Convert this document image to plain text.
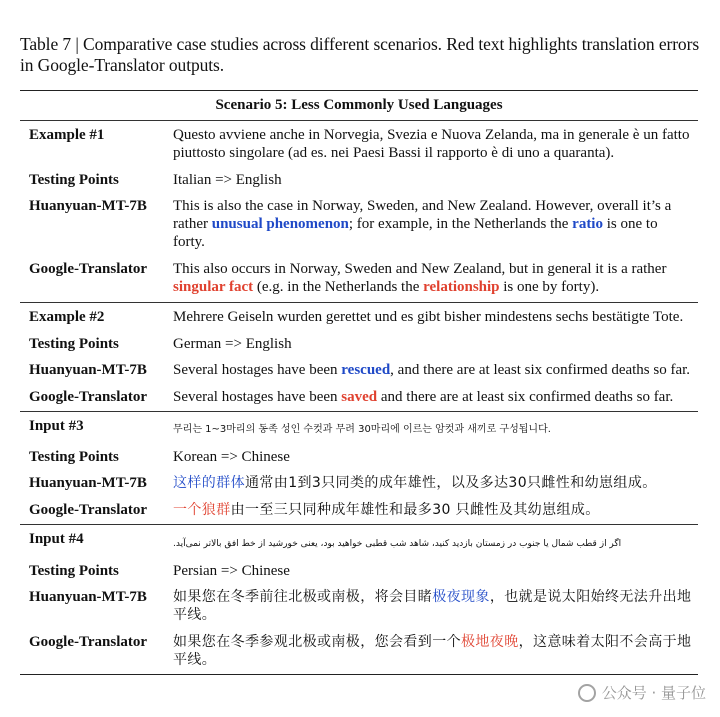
Table 7 | Comparative case studies across different scenarios. Red text highlights translation errors in Google-Translator outputs.
Scenario 5: Less Commonly Used Languages
Example #1	Questo avviene anche in Norvegia, Svezia e Nuova Zelanda, ma in generale è un fatto piuttosto singolare (ad es. nei Paesi Bassi il rapporto è di uno a quaranta).
Testing Points	Italian => English
Huanyuan-MT-7B	This is also the case in Norway, Sweden, and New Zealand. However, overall it’s a rather unusual phenomenon; for example, in the Netherlands the ratio is one to forty.
Google-Translator	This also occurs in Norway, Sweden and New Zealand, but in general it is a rather singular fact (e.g. in the Netherlands the relationship is one by forty).
Example #2	Mehrere Geiseln wurden gerettet und es gibt bisher mindestens sechs bestätigte Tote.
Testing Points	German => English
Huanyuan-MT-7B	Several hostages have been rescued, and there are at least six confirmed deaths so far.
Google-Translator	Several hostages have been saved and there are at least six confirmed deaths so far.
Input #3	무리는 1~3마리의 동족 성인 수컷과 무려 30마리에 이르는 암컷과 새끼로 구성됩니다.
Testing Points	Korean => Chinese
Huanyuan-MT-7B	这样的群体通常由1到3只同类的成年雄性，以及多达30只雌性和幼崽组成。
Google-Translator	一个狼群由一至三只同种成年雄性和最多30 只雌性及其幼崽组成。
Input #4	اگر از قطب شمال یا جنوب در زمستان بازدید کنید، شاهد شب قطبی خواهید بود، یعنی خورشید از خط افق بالاتر نمی‌آید.
Testing Points	Persian => Chinese
Huanyuan-MT-7B	如果您在冬季前往北极或南极，将会目睹极夜现象，也就是说太阳始终无法升出地平线。
Google-Translator	如果您在冬季参观北极或南极，您会看到一个极地夜晚，这意味着太阳不会高于地平线。
公众号 · 量子位
